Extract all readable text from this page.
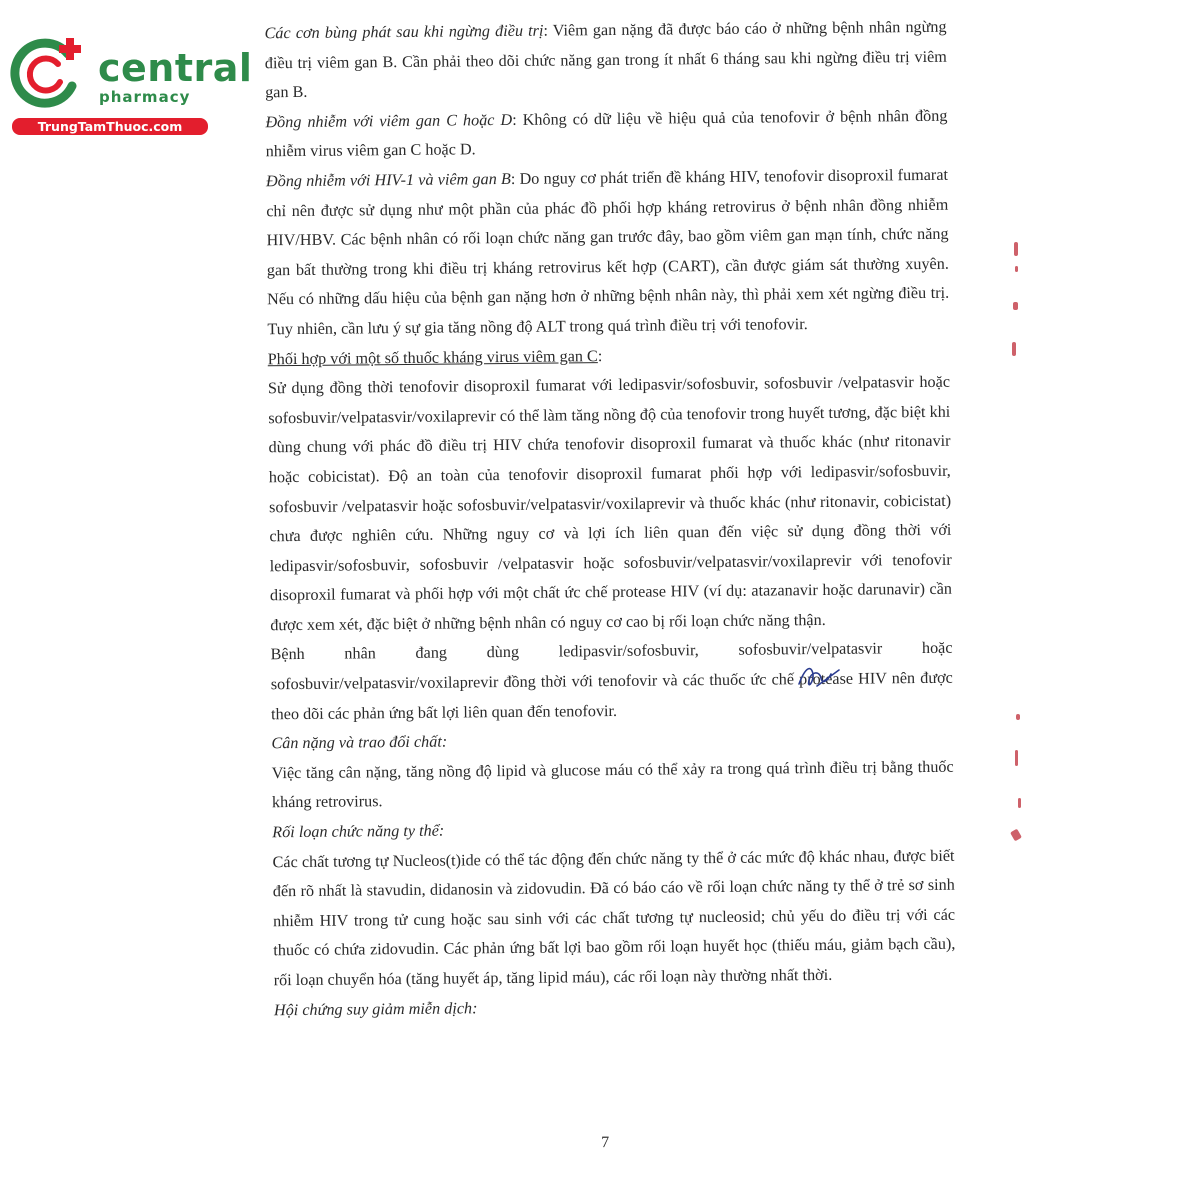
central
pharmacy
TrungTamThuoc.com

Các cơn bùng phát sau khi ngừng điều trị: Viêm gan nặng đã được báo cáo ở những bệnh nhân ngừng điều trị viêm gan B. Cần phải theo dõi chức năng gan trong ít nhất 6 tháng sau khi ngừng điều trị viêm gan B.

Đồng nhiễm với viêm gan C hoặc D: Không có dữ liệu về hiệu quả của tenofovir ở bệnh nhân đồng nhiễm virus viêm gan C hoặc D.

Đồng nhiễm với HIV-1 và viêm gan B: Do nguy cơ phát triển đề kháng HIV, tenofovir disoproxil fumarat chỉ nên được sử dụng như một phần của phác đồ phối hợp kháng retrovirus ở bệnh nhân đồng nhiễm HIV/HBV. Các bệnh nhân có rối loạn chức năng gan trước đây, bao gồm viêm gan mạn tính, chức năng gan bất thường trong khi điều trị kháng retrovirus kết hợp (CART), cần được giám sát thường xuyên. Nếu có những dấu hiệu của bệnh gan nặng hơn ở những bệnh nhân này, thì phải xem xét ngừng điều trị. Tuy nhiên, cần lưu ý sự gia tăng nồng độ ALT trong quá trình điều trị với tenofovir.

Phối hợp với một số thuốc kháng virus viêm gan C:

Sử dụng đồng thời tenofovir disoproxil fumarat với ledipasvir/sofosbuvir, sofosbuvir /velpatasvir hoặc sofosbuvir/velpatasvir/voxilaprevir có thể làm tăng nồng độ của tenofovir trong huyết tương, đặc biệt khi dùng chung với phác đồ điều trị HIV chứa tenofovir disoproxil fumarat và thuốc khác (như ritonavir hoặc cobicistat). Độ an toàn của tenofovir disoproxil fumarat phối hợp với ledipasvir/sofosbuvir, sofosbuvir /velpatasvir hoặc sofosbuvir/velpatasvir/voxilaprevir và thuốc khác (như ritonavir, cobicistat) chưa được nghiên cứu. Những nguy cơ và lợi ích liên quan đến việc sử dụng đồng thời với ledipasvir/sofosbuvir, sofosbuvir /velpatasvir hoặc sofosbuvir/velpatasvir/voxilaprevir với tenofovir disoproxil fumarat và phối hợp với một chất ức chế protease HIV (ví dụ: atazanavir hoặc darunavir) cần được xem xét, đặc biệt ở những bệnh nhân có nguy cơ cao bị rối loạn chức năng thận.

Bệnh nhân đang dùng ledipasvir/sofosbuvir, sofosbuvir/velpatasvir hoặc sofosbuvir/velpatasvir/voxilaprevir đồng thời với tenofovir và các thuốc ức chế protease HIV nên được theo dõi các phản ứng bất lợi liên quan đến tenofovir.

Cân nặng và trao đổi chất:

Việc tăng cân nặng, tăng nồng độ lipid và glucose máu có thể xảy ra trong quá trình điều trị bằng thuốc kháng retrovirus.

Rối loạn chức năng ty thể:

Các chất tương tự Nucleos(t)ide có thể tác động đến chức năng ty thể ở các mức độ khác nhau, được biết đến rõ nhất là stavudin, didanosin và zidovudin. Đã có báo cáo về rối loạn chức năng ty thể ở trẻ sơ sinh nhiễm HIV trong tử cung hoặc sau sinh với các chất tương tự nucleosid; chủ yếu do điều trị với các thuốc có chứa zidovudin. Các phản ứng bất lợi bao gồm rối loạn huyết học (thiếu máu, giảm bạch cầu), rối loạn chuyển hóa (tăng huyết áp, tăng lipid máu), các rối loạn này thường nhất thời.

Hội chứng suy giảm miễn dịch:

7
